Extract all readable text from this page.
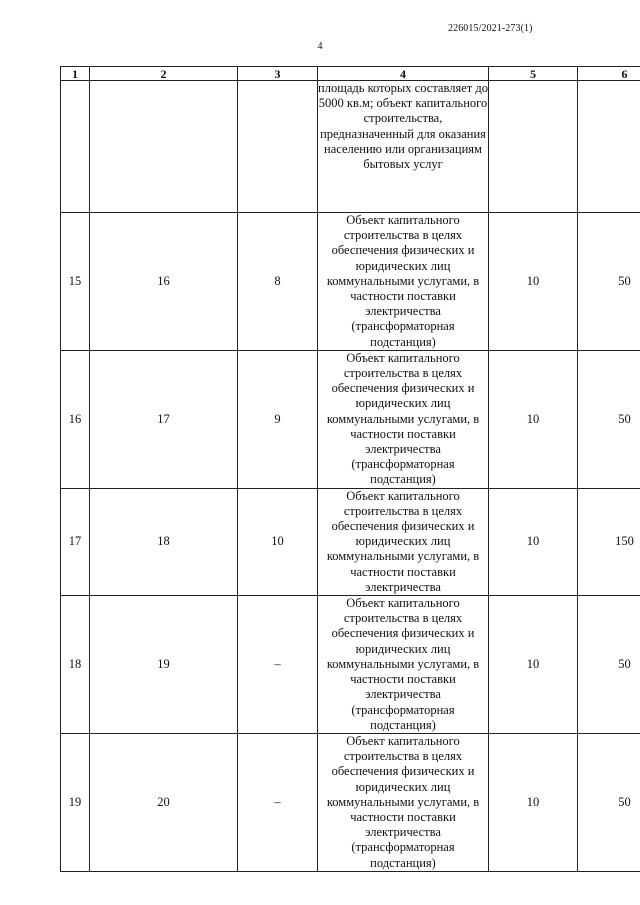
226015/2021-273(1)
4
1	2	3	4	5	6
			площадь которых составляет до 5000 кв.м; объект капитального строительства, предназначенный для оказания населению или организациям бытовых услуг		
15	16	8	Объект капитального строительства в целях обеспечения физических и юридических лиц коммунальными услугами, в частности поставки электричества (трансформаторная подстанция)	10	50
16	17	9	Объект капитального строительства в целях обеспечения физических и юридических лиц коммунальными услугами, в частности поставки электричества (трансформаторная подстанция)	10	50
17	18	10	Объект капитального строительства в целях обеспечения физических и юридических лиц коммунальными услугами, в частности поставки электричества	10	150
18	19	–	Объект капитального строительства в целях обеспечения физических и юридических лиц коммунальными услугами, в частности поставки электричества (трансформаторная подстанция)	10	50
19	20	–	Объект капитального строительства в целях обеспечения физических и юридических лиц коммунальными услугами, в частности поставки электричества (трансформаторная подстанция)	10	50
